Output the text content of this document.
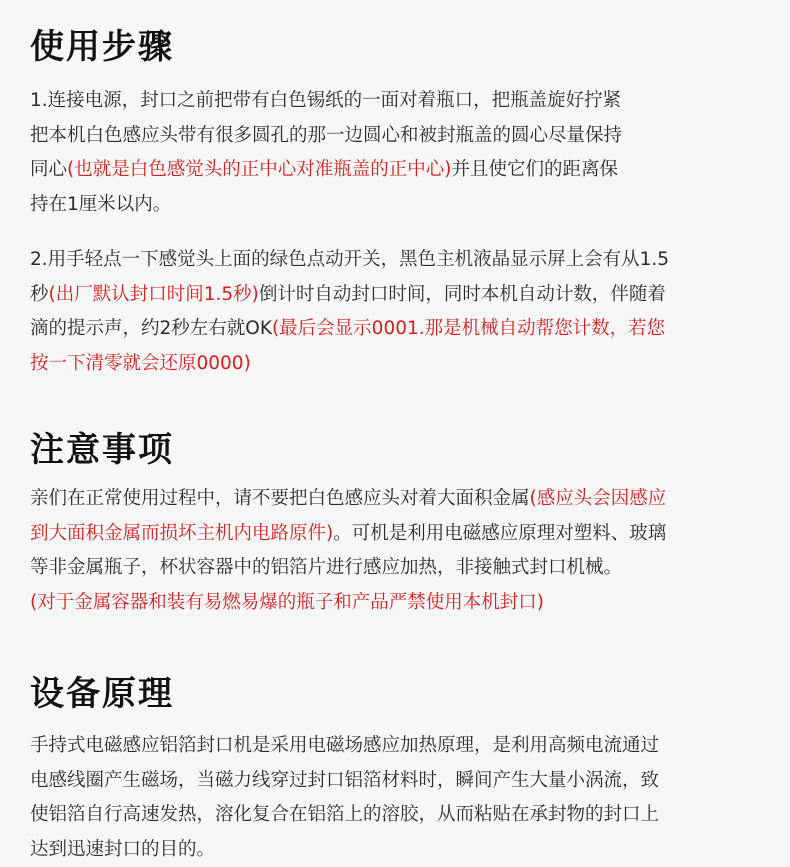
使用步骤
1.连接电源，封口之前把带有白色锡纸的一面对着瓶口，把瓶盖旋好拧紧
把本机白色感应头带有很多圆孔的那一边圆心和被封瓶盖的圆心尽量保持
同心(也就是白色感觉头的正中心对准瓶盖的正中心)并且使它们的距离保
持在1厘米以内。
2.用手轻点一下感觉头上面的绿色点动开关，黑色主机液晶显示屏上会有从1.5
秒(出厂默认封口时间1.5秒)倒计时自动封口时间，同时本机自动计数，伴随着
滴的提示声，约2秒左右就OK(最后会显示0001.那是机械自动帮您计数，若您
按一下清零就会还原0000)
注意事项
亲们在正常使用过程中，请不要把白色感应头对着大面积金属(感应头会因感应
到大面积金属而损坏主机内电路原件)。可机是利用电磁感应原理对塑料、玻璃
等非金属瓶子，杯状容器中的铝箔片进行感应加热，非接触式封口机械。
(对于金属容器和装有易燃易爆的瓶子和产品严禁使用本机封口)
设备原理
手持式电磁感应铝箔封口机是采用电磁场感应加热原理，是利用高频电流通过
电感线圈产生磁场，当磁力线穿过封口铝箔材料时，瞬间产生大量小涡流，致
使铝箔自行高速发热，溶化复合在铝箔上的溶胶，从而粘贴在承封物的封口上
达到迅速封口的目的。
